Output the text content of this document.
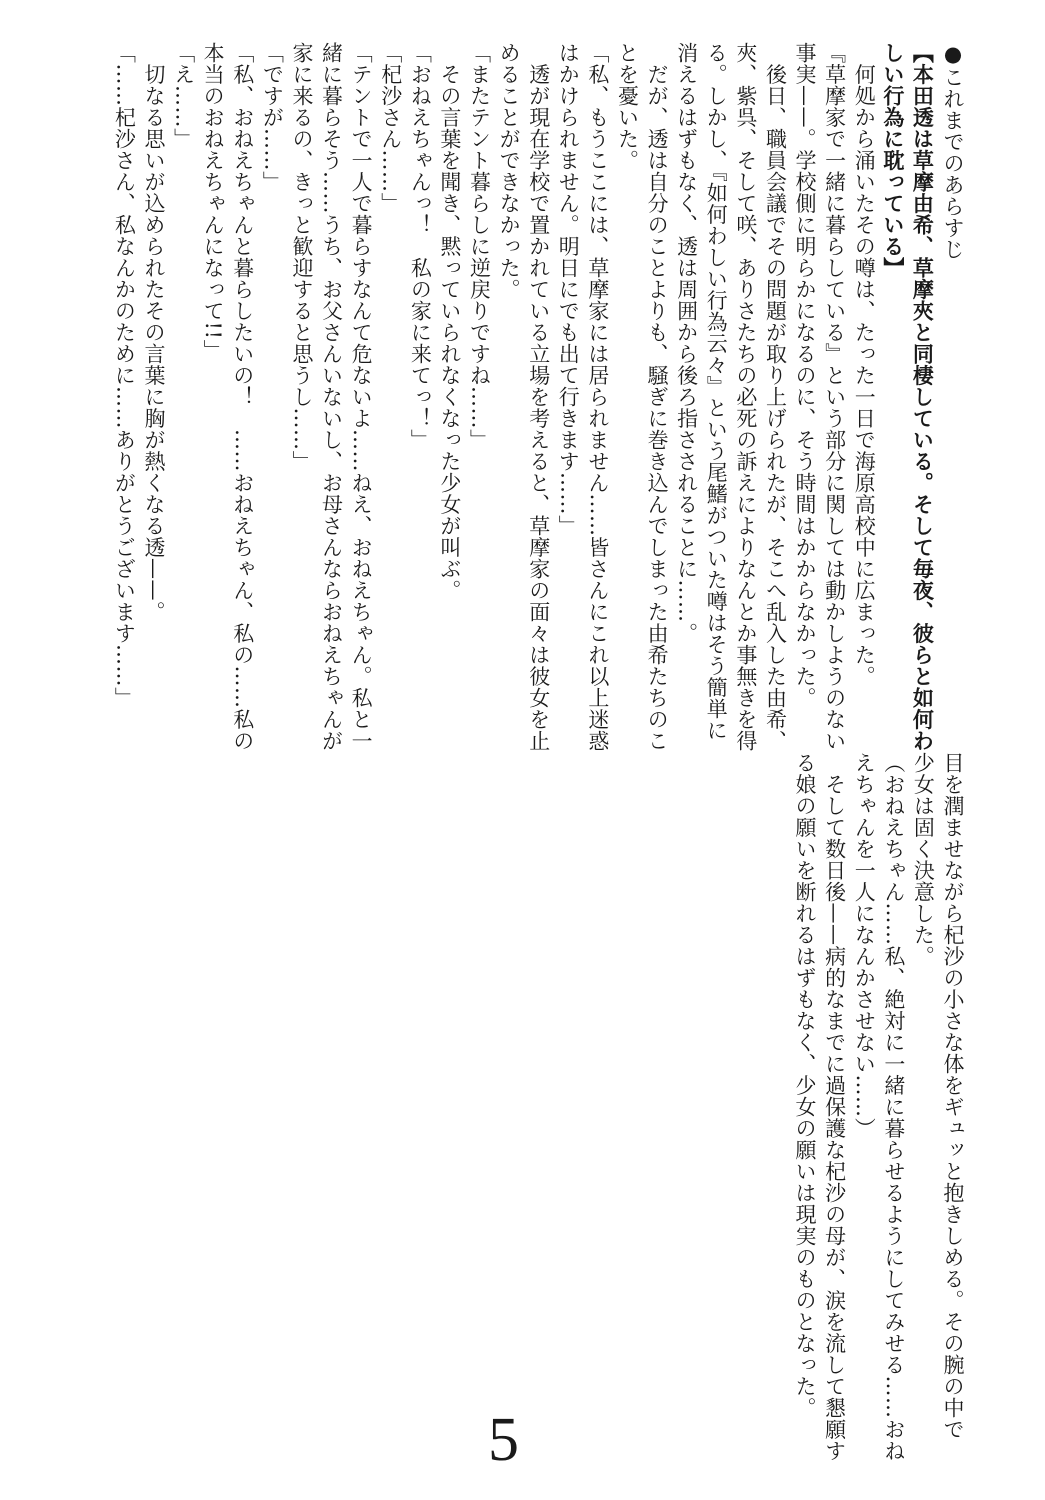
●これまでのあらすじ
【本田透は草摩由希、草摩夾と同棲している。そして毎夜、彼らと如何わ
しい行為に耽っている】
　何処から涌いたその噂は、たった一日で海原高校中に広まった。
『草摩家で一緒に暮らしている』という部分に関しては動かしようのない
事実——。学校側に明らかになるのに、そう時間はかからなかった。
　後日、職員会議でその問題が取り上げられたが、そこへ乱入した由希、
夾、紫呉、そして咲、ありさたちの必死の訴えによりなんとか事無きを得
る。しかし、『如何わしい行為云々』という尾鰭がついた噂はそう簡単に
消えるはずもなく、透は周囲から後ろ指さされることに……。
　だが、透は自分のことよりも、騒ぎに巻き込んでしまった由希たちのこ
とを憂いた。
「私、もうここには、草摩家には居られません……皆さんにこれ以上迷惑
はかけられません。明日にでも出て行きます……」
　透が現在学校で置かれている立場を考えると、草摩家の面々は彼女を止
めることができなかった。
「またテント暮らしに逆戻りですね……」
　その言葉を聞き、黙っていられなくなった少女が叫ぶ。
「おねえちゃんっ！　私の家に来てっ！」
「杞沙さん……」
「テントで一人で暮らすなんて危ないよ……ねえ、おねえちゃん。私と一
緒に暮らそう……うち、お父さんいないし、お母さんならおねえちゃんが
家に来るの、きっと歓迎すると思うし……」
「ですが……」
「私、おねえちゃんと暮らしたいの！　……おねえちゃん、私の……私の
本当のおねえちゃんになって!!」
「え……」
　切なる思いが込められたその言葉に胸が熱くなる透——。
「……杞沙さん、私なんかのために……ありがとうございます……」
目を潤ませながら杞沙の小さな体をギュッと抱きしめる。その腕の中で
少女は固く決意した。
（おねえちゃん……私、絶対に一緒に暮らせるようにしてみせる……おね
えちゃんを一人になんかさせない……）
　そして数日後——病的なまでに過保護な杞沙の母が、涙を流して懇願す
る娘の願いを断れるはずもなく、少女の願いは現実のものとなった。
5
